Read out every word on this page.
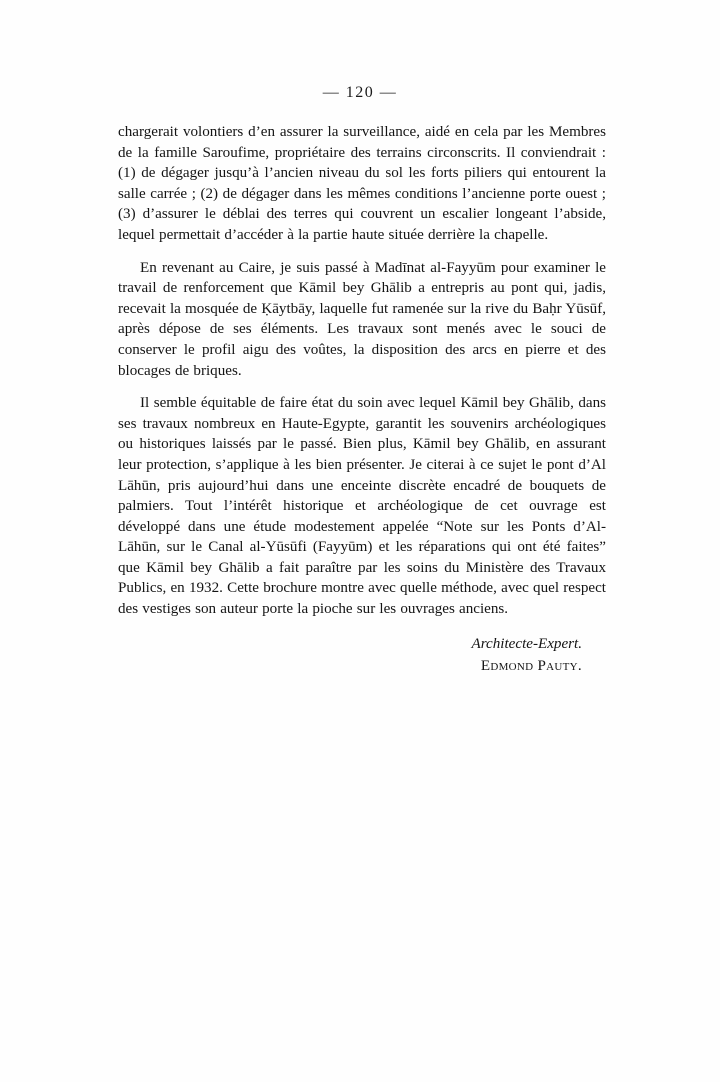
— 120 —

chargerait volontiers d’en assurer la surveillance, aidé en cela par les Membres de la famille Saroufime, propriétaire des terrains circonscrits. Il conviendrait : (1) de dégager jusqu’à l’ancien niveau du sol les forts piliers qui entourent la salle carrée ; (2) de dégager dans les mêmes conditions l’ancienne porte ouest ; (3) d’assurer le déblai des terres qui couvrent un escalier longeant l’abside, lequel permettait d’accéder à la partie haute située derrière la chapelle.

En revenant au Caire, je suis passé à Madīnat al-Fayyūm pour examiner le travail de renforcement que Kāmil bey Ghālib a entrepris au pont qui, jadis, recevait la mosquée de Ḳāytbāy, laquelle fut ramenée sur la rive du Baḥr Yūsūf, après dépose de ses éléments. Les travaux sont menés avec le souci de conserver le profil aigu des voûtes, la disposition des arcs en pierre et des blocages de briques.

Il semble équitable de faire état du soin avec lequel Kāmil bey Ghālib, dans ses travaux nombreux en Haute-Egypte, garantit les souvenirs archéologiques ou historiques laissés par le passé. Bien plus, Kāmil bey Ghālib, en assurant leur protection, s’applique à les bien présenter. Je citerai à ce sujet le pont d’Al Lāhūn, pris aujourd’hui dans une enceinte discrète encadré de bouquets de palmiers. Tout l’intérêt historique et archéologique de cet ouvrage est développé dans une étude modestement appelée “Note sur les Ponts d’Al-Lāhūn, sur le Canal al-Yūsūfi (Fayyūm) et les réparations qui ont été faites” que Kāmil bey Ghālib a fait paraître par les soins du Ministère des Travaux Publics, en 1932. Cette brochure montre avec quelle méthode, avec quel respect des vestiges son auteur porte la pioche sur les ouvrages anciens.

Architecte-Expert.
Edmond Pauty.
